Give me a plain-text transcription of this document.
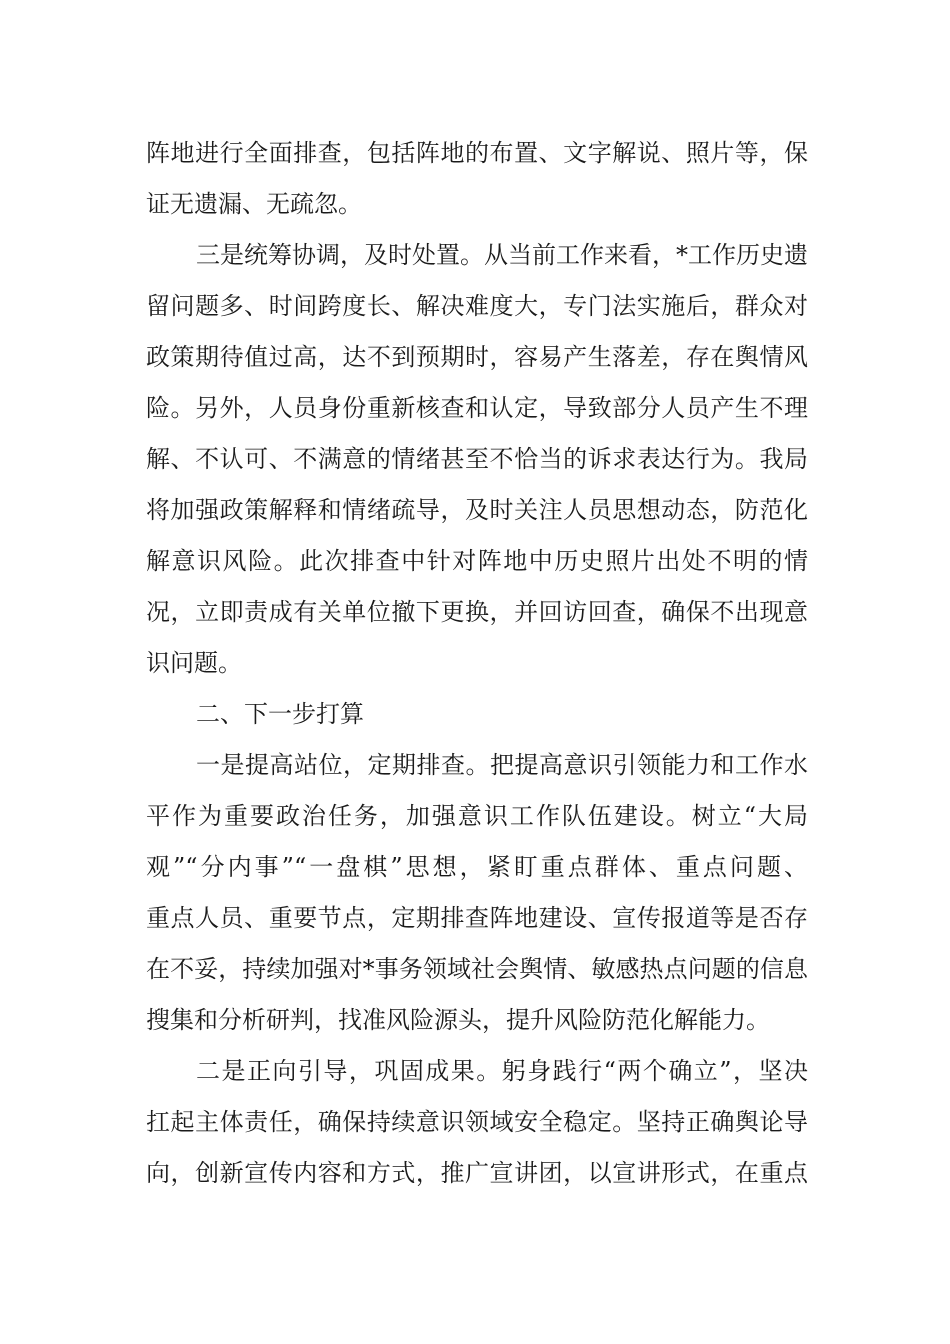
阵地进行全面排查，包括阵地的布置、文字解说、照片等，保
证无遗漏、无疏忽。
三是统筹协调，及时处置。从当前工作来看，*工作历史遗
留问题多、时间跨度长、解决难度大，专门法实施后，群众对
政策期待值过高，达不到预期时，容易产生落差，存在舆情风
险。另外，人员身份重新核查和认定，导致部分人员产生不理
解、不认可、不满意的情绪甚至不恰当的诉求表达行为。我局
将加强政策解释和情绪疏导，及时关注人员思想动态，防范化
解意识风险。此次排查中针对阵地中历史照片出处不明的情
况，立即责成有关单位撤下更换，并回访回查，确保不出现意
识问题。
二、下一步打算
一是提高站位，定期排查。把提高意识引领能力和工作水
平作为重要政治任务，加强意识工作队伍建设。树立“大局
观”“分内事”“一盘棋”思想，紧盯重点群体、重点问题、
重点人员、重要节点，定期排查阵地建设、宣传报道等是否存
在不妥，持续加强对*事务领域社会舆情、敏感热点问题的信息
搜集和分析研判，找准风险源头，提升风险防范化解能力。
二是正向引导，巩固成果。躬身践行“两个确立”，坚决
扛起主体责任，确保持续意识领域安全稳定。坚持正确舆论导
向，创新宣传内容和方式，推广宣讲团，以宣讲形式，在重点
